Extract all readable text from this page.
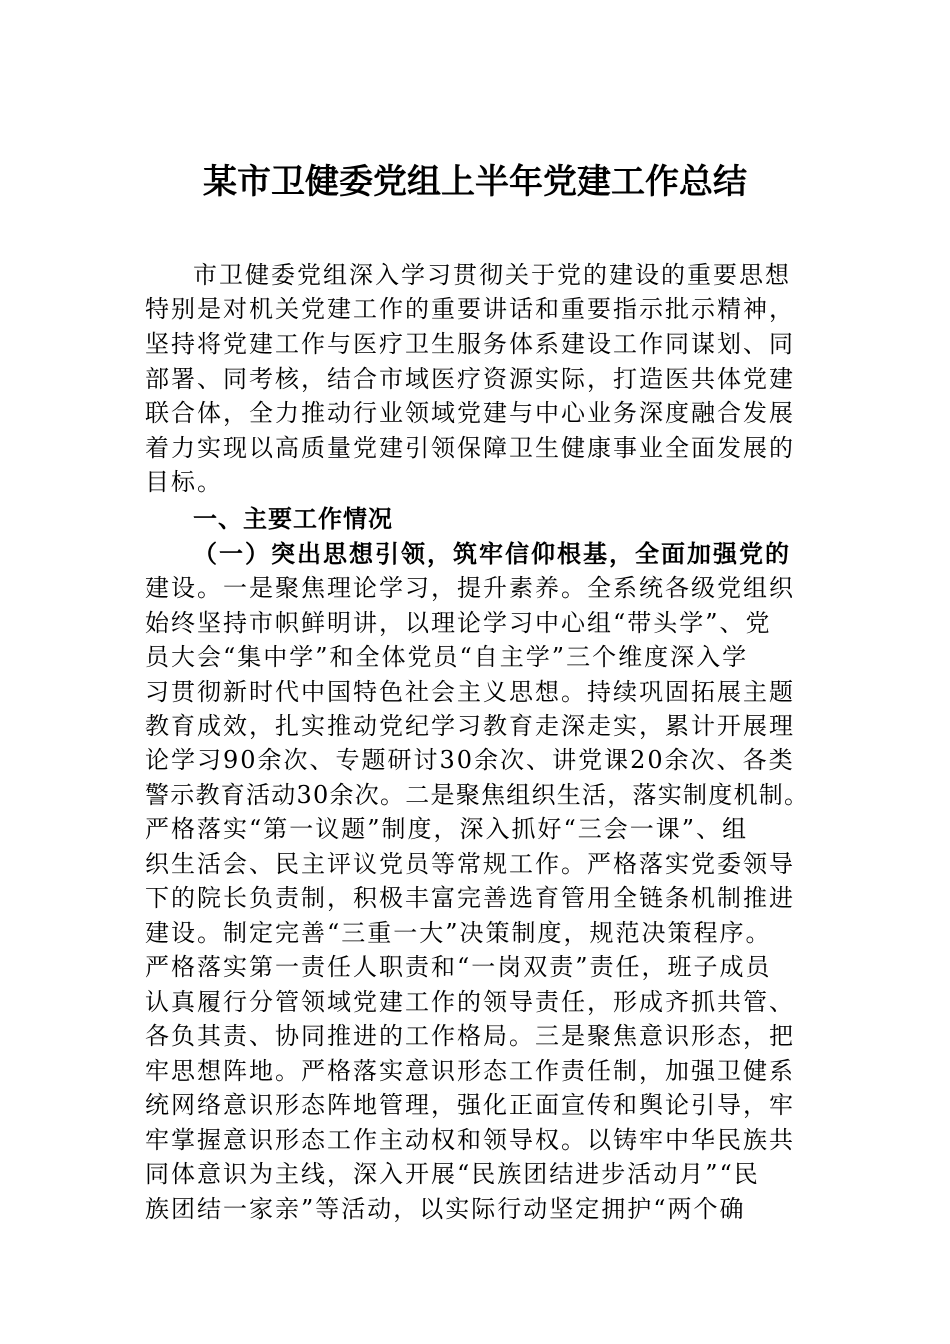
某市卫健委党组上半年党建工作总结

市卫健委党组深入学习贯彻关于党的建设的重要思想

特别是对机关党建工作的重要讲话和重要指示批示精神，

坚持将党建工作与医疗卫生服务体系建设工作同谋划、同

部署、同考核，结合市域医疗资源实际，打造医共体党建

联合体，全力推动行业领域党建与中心业务深度融合发展

着力实现以高质量党建引领保障卫生健康事业全面发展的

目标。

一、主要工作情况

（一）突出思想引领，筑牢信仰根基，全面加强党的

建设。一是聚焦理论学习，提升素养。全系统各级党组织

始终坚持市帜鲜明讲，以理论学习中心组“带头学”、党

员大会“集中学”和全体党员“自主学”三个维度深入学

习贯彻新时代中国特色社会主义思想。持续巩固拓展主题

教育成效，扎实推动党纪学习教育走深走实，累计开展理

论学习90余次、专题研讨30余次、讲党课20余次、各类

警示教育活动30余次。二是聚焦组织生活，落实制度机制。

严格落实“第一议题”制度，深入抓好“三会一课”、组

织生活会、民主评议党员等常规工作。严格落实党委领导

下的院长负责制，积极丰富完善选育管用全链条机制推进

建设。制定完善“三重一大”决策制度，规范决策程序。

严格落实第一责任人职责和“一岗双责”责任，班子成员

认真履行分管领域党建工作的领导责任，形成齐抓共管、

各负其责、协同推进的工作格局。三是聚焦意识形态，把

牢思想阵地。严格落实意识形态工作责任制，加强卫健系

统网络意识形态阵地管理，强化正面宣传和舆论引导，牢

牢掌握意识形态工作主动权和领导权。以铸牢中华民族共

同体意识为主线，深入开展“民族团结进步活动月”“民

族团结一家亲”等活动，以实际行动坚定拥护“两个确
